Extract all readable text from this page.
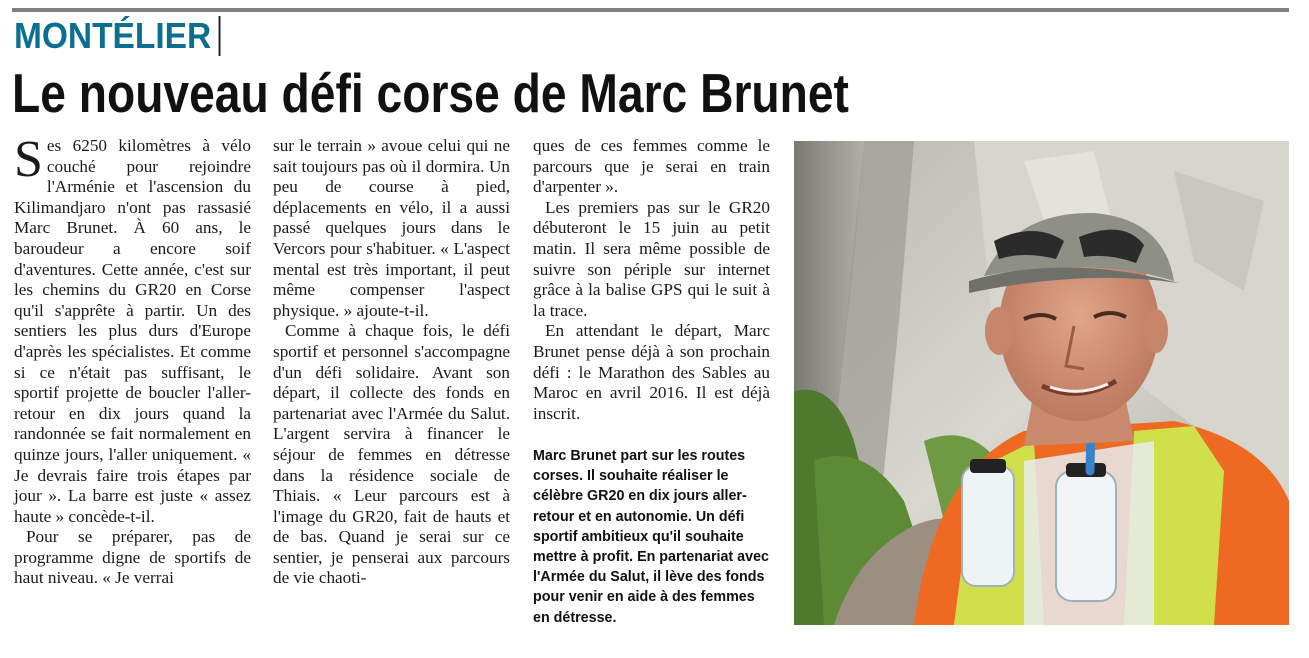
MONTÉLIER
Le nouveau défi corse de Marc Brunet

Ses 6250 kilomètres à vélo couché pour rejoindre l'Arménie et l'ascension du Kilimandjaro n'ont pas rassasié Marc Brunet. À 60 ans, le baroudeur a encore soif d'aventures. Cette année, c'est sur les chemins du GR20 en Corse qu'il s'apprête à partir. Un des sentiers les plus durs d'Europe d'après les spécialistes. Et comme si ce n'était pas suffisant, le sportif projette de boucler l'aller-retour en dix jours quand la randonnée se fait normalement en quinze jours, l'aller uniquement. « Je devrais faire trois étapes par jour ». La barre est juste « assez haute » concède-t-il.

Pour se préparer, pas de programme digne de sportifs de haut niveau. « Je verrai

sur le terrain » avoue celui qui ne sait toujours pas où il dormira. Un peu de course à pied, déplacements en vélo, il a aussi passé quelques jours dans le Vercors pour s'habituer. « L'aspect mental est très important, il peut même compenser l'aspect physique. » ajoute-t-il.

Comme à chaque fois, le défi sportif et personnel s'accompagne d'un défi solidaire. Avant son départ, il collecte des fonds en partenariat avec l'Armée du Salut. L'argent servira à financer le séjour de femmes en détresse dans la résidence sociale de Thiais. « Leur parcours est à l'image du GR20, fait de hauts et de bas. Quand je serai sur ce sentier, je penserai aux parcours de vie chaoti-

ques de ces femmes comme le parcours que je serai en train d'arpenter ».

Les premiers pas sur le GR20 débuteront le 15 juin au petit matin. Il sera même possible de suivre son périple sur internet grâce à la balise GPS qui le suit à la trace.

En attendant le départ, Marc Brunet pense déjà à son prochain défi : le Marathon des Sables au Maroc en avril 2016. Il est déjà inscrit.

Marc Brunet part sur les routes corses. Il souhaite réaliser le célèbre GR20 en dix jours aller-retour et en autonomie. Un défi sportif ambitieux qu'il souhaite mettre à profit. En partenariat avec l'Armée du Salut, il lève des fonds pour venir en aide à des femmes en détresse.
